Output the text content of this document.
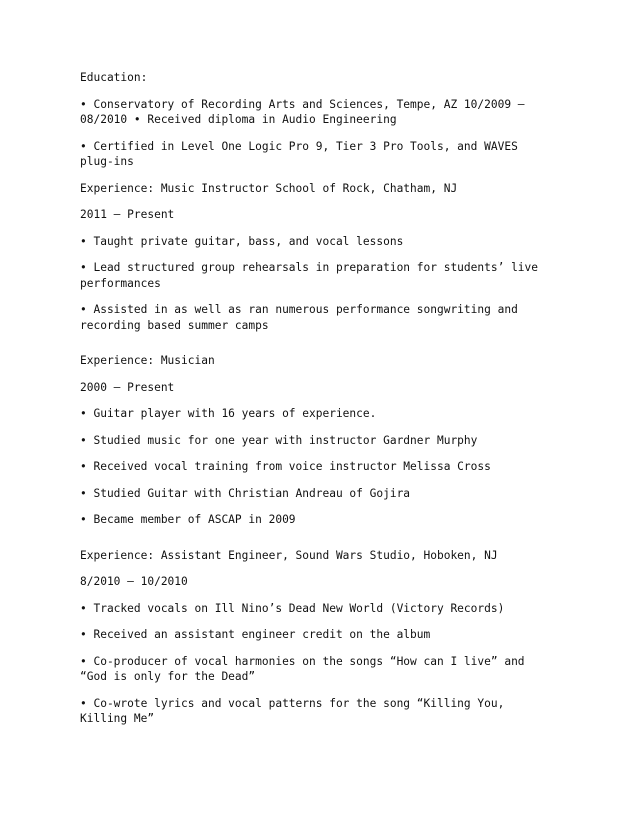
Education:

• Conservatory of Recording Arts and Sciences, Tempe, AZ 10/2009 – 08/2010 • Received diploma in Audio Engineering

• Certified in Level One Logic Pro 9, Tier 3 Pro Tools, and WAVES plug-ins

Experience: Music Instructor School of Rock, Chatham, NJ

2011 – Present

• Taught private guitar, bass, and vocal lessons

• Lead structured group rehearsals in preparation for students’ live performances

• Assisted in as well as ran numerous performance songwriting and recording based summer camps

Experience: Musician

2000 – Present

• Guitar player with 16 years of experience.

• Studied music for one year with instructor Gardner Murphy

• Received vocal training from voice instructor Melissa Cross

• Studied Guitar with Christian Andreau of Gojira

• Became member of ASCAP in 2009

Experience: Assistant Engineer, Sound Wars Studio, Hoboken, NJ

8/2010 – 10/2010

• Tracked vocals on Ill Nino’s Dead New World (Victory Records)

• Received an assistant engineer credit on the album

• Co-producer of vocal harmonies on the songs “How can I live” and “God is only for the Dead”

• Co-wrote lyrics and vocal patterns for the song “Killing You, Killing Me”
